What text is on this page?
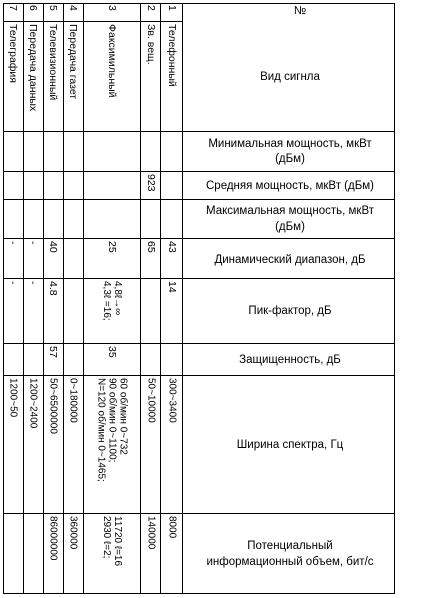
№
Вид сигнла
Минимальная мощность, мкВт
(дБм)
Средняя мощность, мкВт (дБм)
Максимальная мощность, мкВт
(дБм)
Динамический диапазон, дБ
Пик-фактор, дБ
Защищенность, дБ
Ширина спектра, Гц
Потенциальный
информационный объем, бит/с
1
Телефонный
43
14
300~3400
8000
2
Зв. вещ.
923
65
50~10000
140000
3
Факсимильный
25
4,3ℓ =16; 4,8ℓ→∞
35
N=120 об/мин 0~1465; 90 об/мин 0~1100; 60 об/мин 0~732
2930 ℓ=2; 11720 ℓ=16
4
Передача газет
0~180000
360000
5
Телевизионный
40
4.8
57
50~6500000
86000000
6
Передача данных
-
-
1200~2400
7
Телеграфия
-
-
1200~50
